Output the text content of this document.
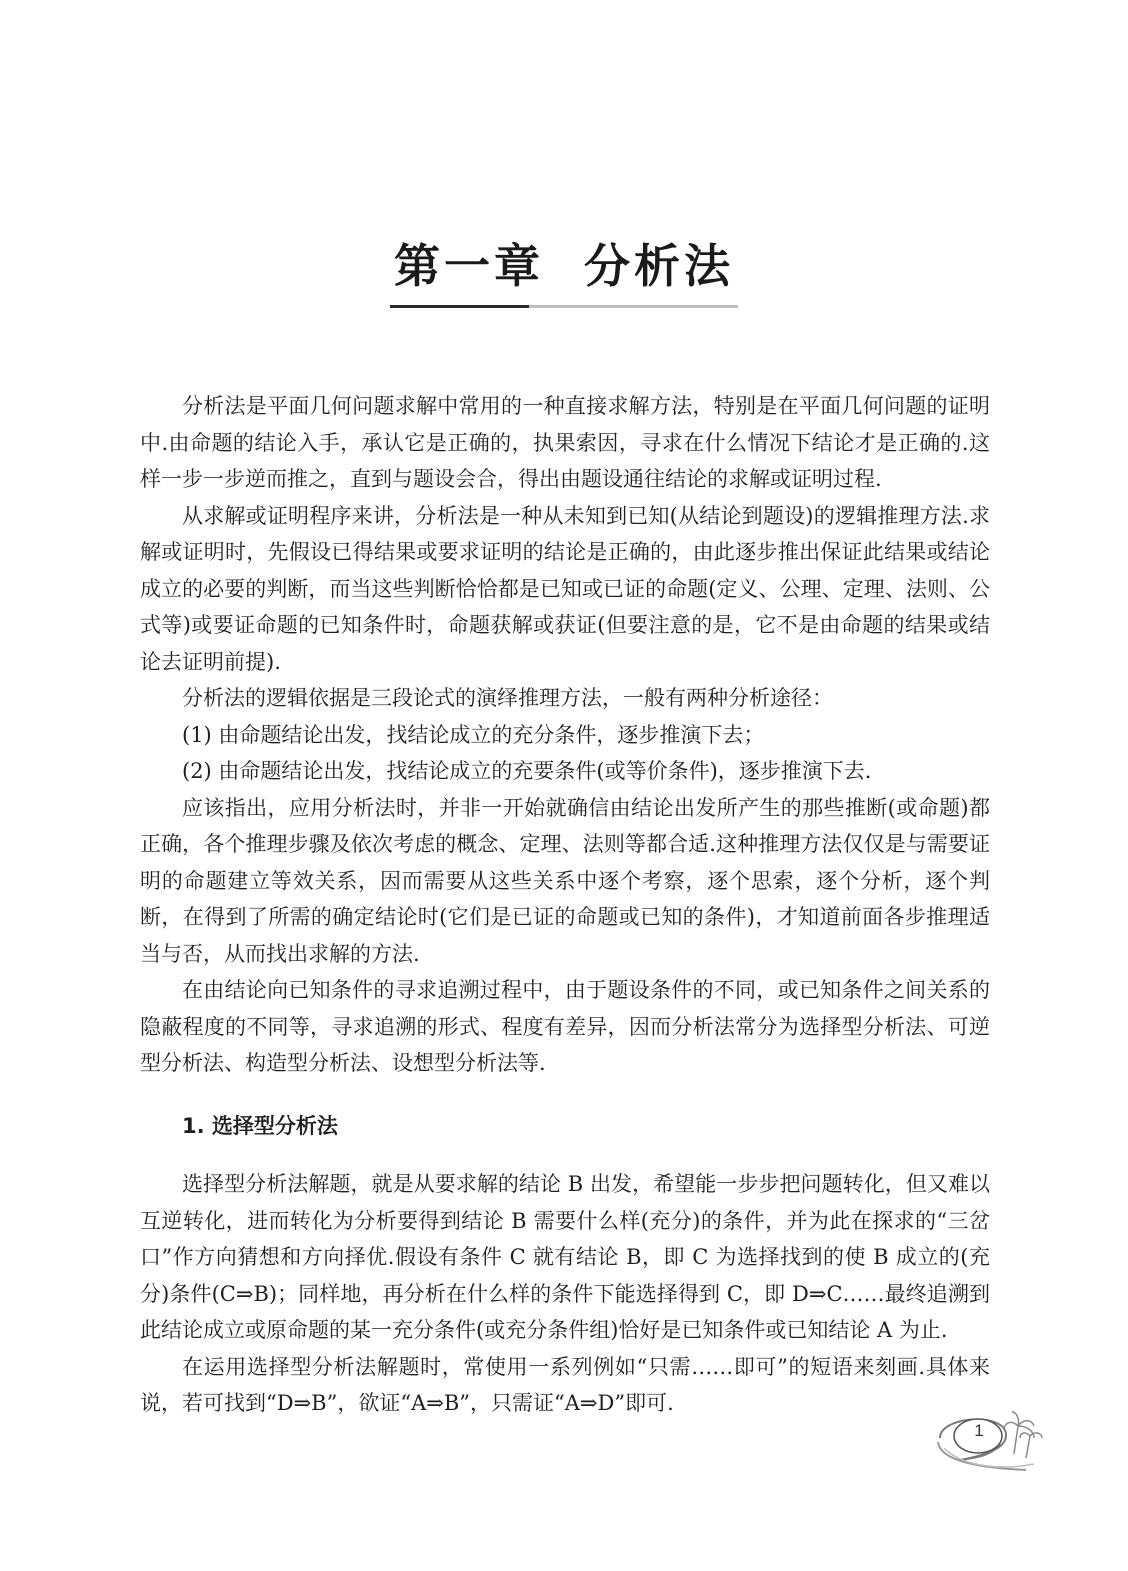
第一章 分析法

分析法是平面几何问题求解中常用的一种直接求解方法，特别是在平面几何问题的证明中.由命题的结论入手，承认它是正确的，执果索因，寻求在什么情况下结论才是正确的.这样一步一步逆而推之，直到与题设会合，得出由题设通往结论的求解或证明过程.

从求解或证明程序来讲，分析法是一种从未知到已知(从结论到题设)的逻辑推理方法.求解或证明时，先假设已得结果或要求证明的结论是正确的，由此逐步推出保证此结果或结论成立的必要的判断，而当这些判断恰恰都是已知或已证的命题(定义、公理、定理、法则、公式等)或要证命题的已知条件时，命题获解或获证(但要注意的是，它不是由命题的结果或结论去证明前提).

分析法的逻辑依据是三段论式的演绎推理方法，一般有两种分析途径：

(1) 由命题结论出发，找结论成立的充分条件，逐步推演下去；

(2) 由命题结论出发，找结论成立的充要条件(或等价条件)，逐步推演下去.

应该指出，应用分析法时，并非一开始就确信由结论出发所产生的那些推断(或命题)都正确，各个推理步骤及依次考虑的概念、定理、法则等都合适.这种推理方法仅仅是与需要证明的命题建立等效关系，因而需要从这些关系中逐个考察，逐个思索，逐个分析，逐个判断，在得到了所需的确定结论时(它们是已证的命题或已知的条件)，才知道前面各步推理适当与否，从而找出求解的方法.

在由结论向已知条件的寻求追溯过程中，由于题设条件的不同，或已知条件之间关系的隐蔽程度的不同等，寻求追溯的形式、程度有差异，因而分析法常分为选择型分析法、可逆型分析法、构造型分析法、设想型分析法等.

1. 选择型分析法

选择型分析法解题，就是从要求解的结论 B 出发，希望能一步步把问题转化，但又难以互逆转化，进而转化为分析要得到结论 B 需要什么样(充分)的条件，并为此在探求的“三岔口”作方向猜想和方向择优.假设有条件 C 就有结论 B，即 C 为选择找到的使 B 成立的(充分)条件(C⇒B)；同样地，再分析在什么样的条件下能选择得到 C，即 D⇒C……最终追溯到此结论成立或原命题的某一充分条件(或充分条件组)恰好是已知条件或已知结论 A 为止.

在运用选择型分析法解题时，常使用一系列例如“只需……即可”的短语来刻画.具体来说，若可找到“D⇒B”，欲证“A⇒B”，只需证“A⇒D”即可.

1
